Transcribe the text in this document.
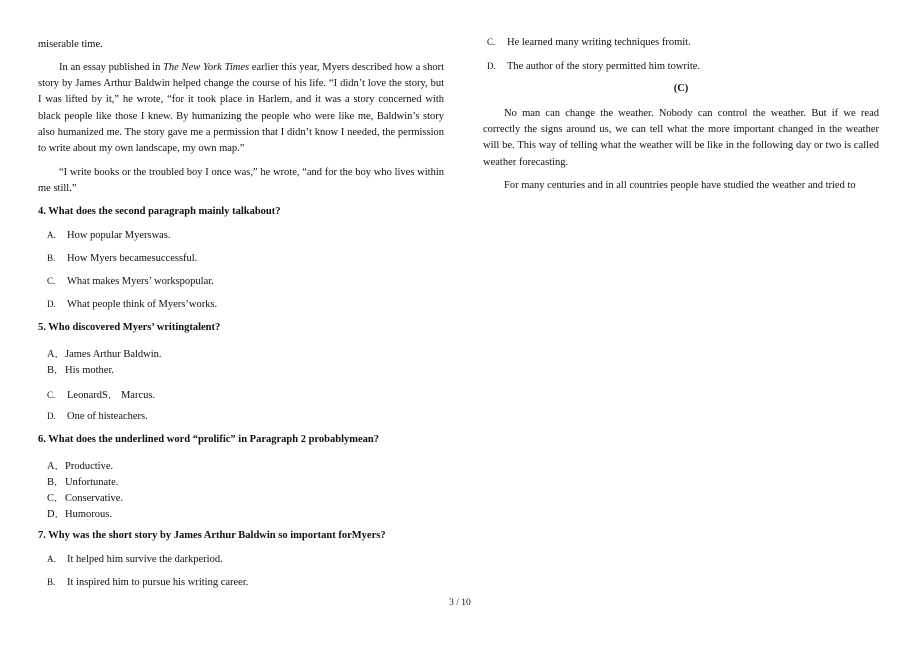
miserable time.

In an essay published in The New York Times earlier this year, Myers described how a short story by James Arthur Baldwin helped change the course of his life. “I didn’t love the story, but I was lifted by it,” he wrote, “for it took place in Harlem, and it was a story concerned with black people like those I knew. By humanizing the people who were like me, Baldwin’s story also humanized me. The story gave me a permission that I didn’t know I needed, the permission to write about my own landscape, my own map.”

“I write books or the troubled boy I once was,” he wrote, “and for the boy who lives within me still.”

4. What does the second paragraph mainly talkabout?
A. How popular Myerswas.
B. How Myers becamesuccessful.
C. What makes Myers’ workspopular.
D. What people think of Myers’works.
5. Who discovered Myers’ writingtalent?
A．James Arthur Baldwin.
B．His mother.
C. LeonardS． Marcus.
D. One of histeachers.
6. What does the underlined word “prolific” in Paragraph 2 probablymean?
A．Productive.
B．Unfortunate.
C．Conservative.
D．Humorous.
7. Why was the short story by James Arthur Baldwin so important forMyers?
A. It helped him survive the darkperiod.
B. It inspired him to pursue his writing career.
C. He learned many writing techniques fromit.
D. The author of the story permitted him towrite.
(C)

No man can change the weather. Nobody can control the weather. But if we read correctly the signs around us, we can tell what the more important changed in the weather will be. This way of telling what the weather will be like in the following day or two is called weather forecasting.

For many centuries and in all countries people have studied the weather and tried to

3 / 10
